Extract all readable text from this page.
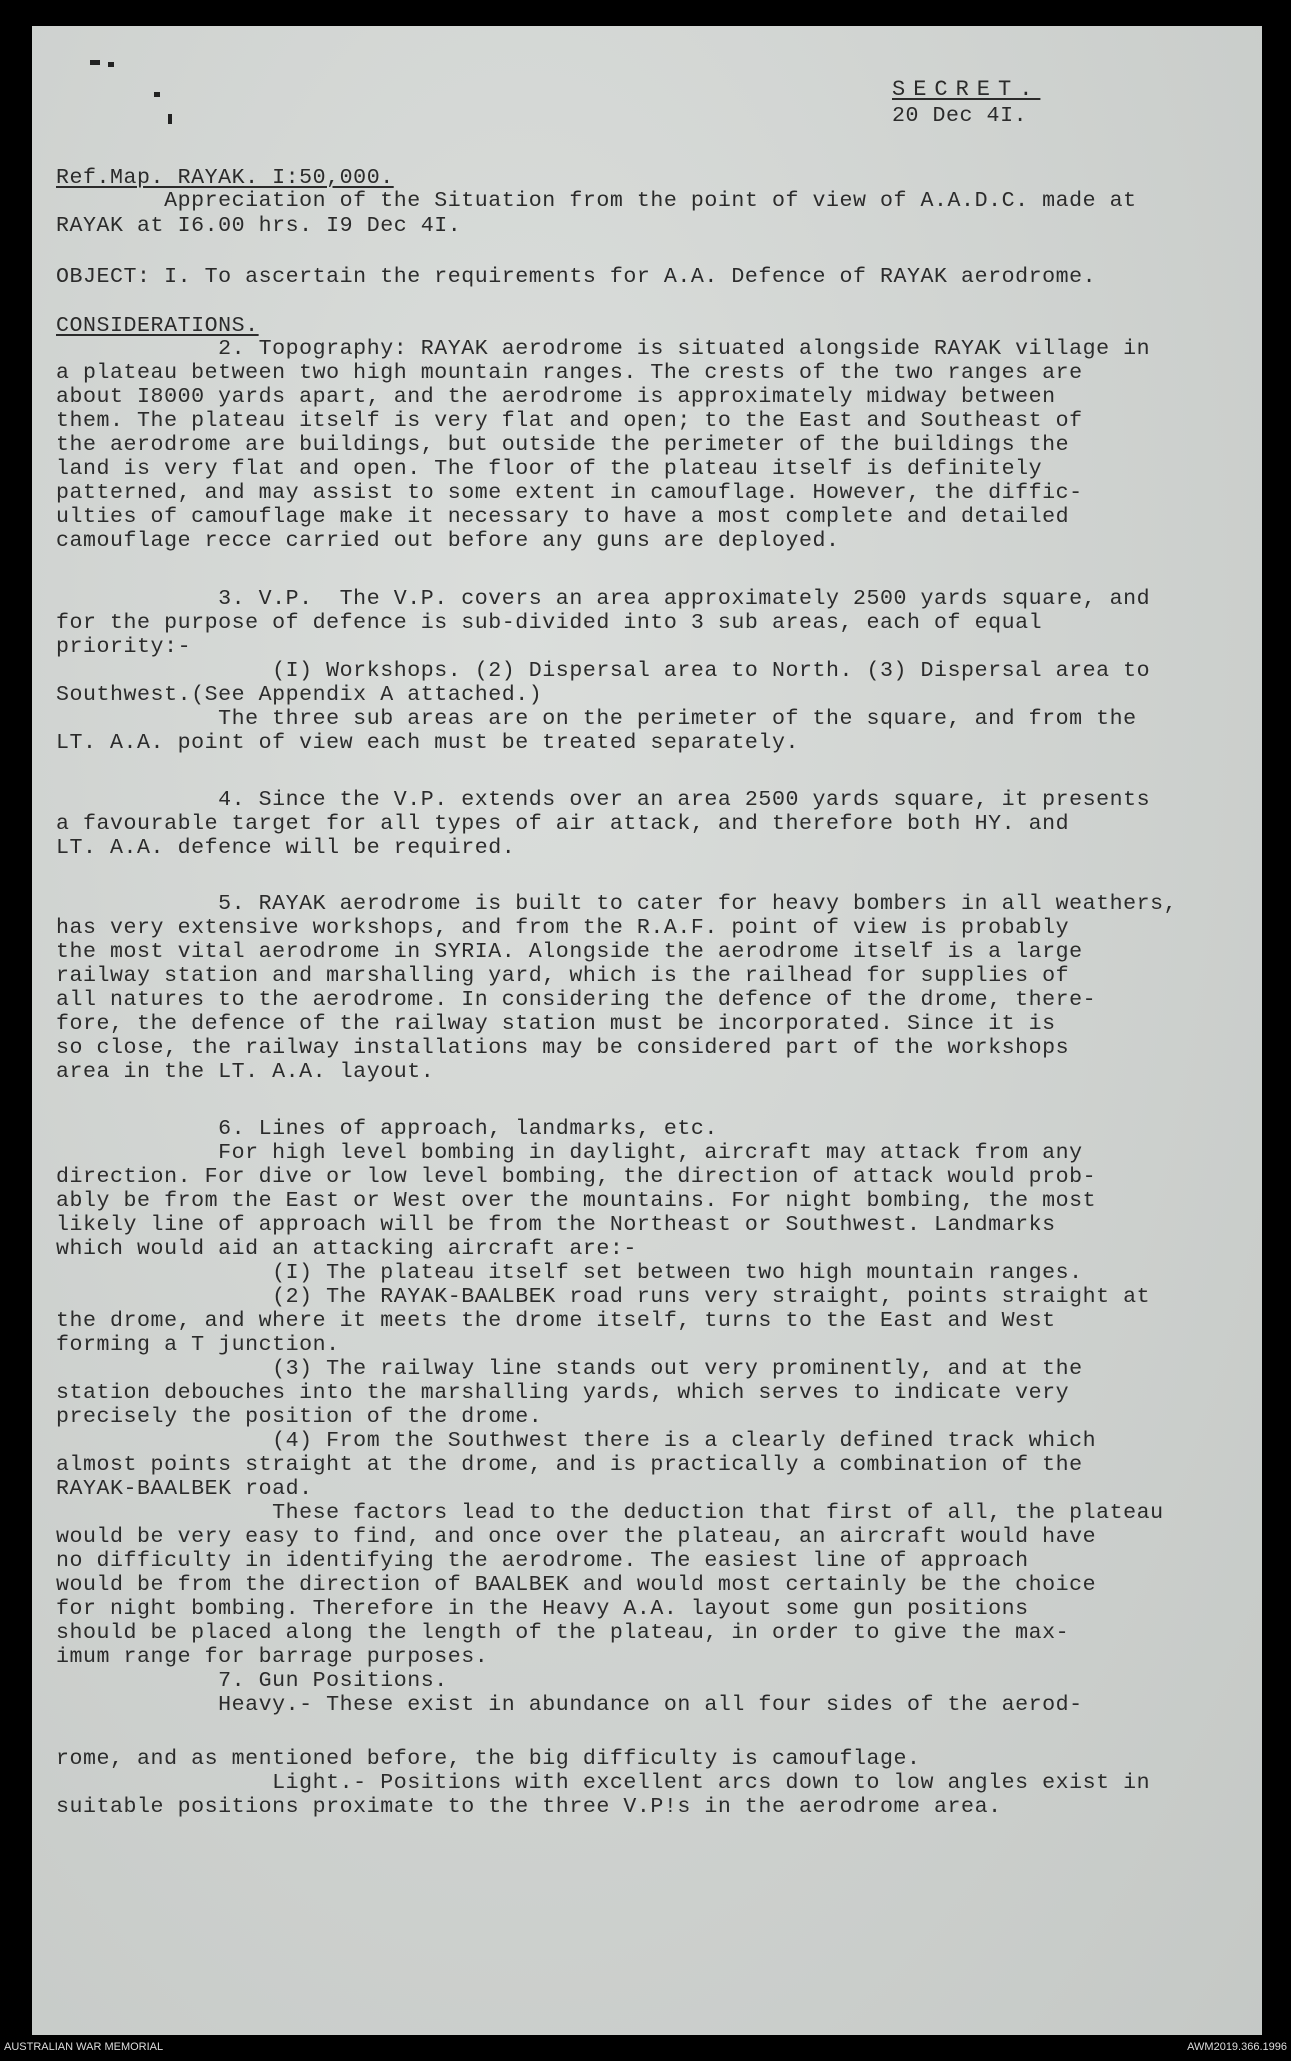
SECRET.
20 Dec 4I.
Ref.Map. RAYAK. I:50,000.
Appreciation of the Situation from the point of view of A.A.D.C. made at
RAYAK at I6.00 hrs. I9 Dec 4I.
OBJECT: I. To ascertain the requirements for A.A. Defence of RAYAK aerodrome.
CONSIDERATIONS.
2. Topography: RAYAK aerodrome is situated alongside RAYAK village in
a plateau between two high mountain ranges. The crests of the two ranges are
about I8000 yards apart, and the aerodrome is approximately midway between
them. The plateau itself is very flat and open; to the East and Southeast of
the aerodrome are buildings, but outside the perimeter of the buildings the
land is very flat and open. The floor of the plateau itself is definitely
patterned, and may assist to some extent in camouflage. However, the diffic-
ulties of camouflage make it necessary to have a most complete and detailed
camouflage recce carried out before any guns are deployed.
3. V.P.  The V.P. covers an area approximately 2500 yards square, and
for the purpose of defence is sub-divided into 3 sub areas, each of equal
priority:-
(I) Workshops. (2) Dispersal area to North. (3) Dispersal area to
Southwest.(See Appendix A attached.)
The three sub areas are on the perimeter of the square, and from the
LT. A.A. point of view each must be treated separately.
4. Since the V.P. extends over an area 2500 yards square, it presents
a favourable target for all types of air attack, and therefore both HY. and
LT. A.A. defence will be required.
5. RAYAK aerodrome is built to cater for heavy bombers in all weathers,
has very extensive workshops, and from the R.A.F. point of view is probably
the most vital aerodrome in SYRIA. Alongside the aerodrome itself is a large
railway station and marshalling yard, which is the railhead for supplies of
all natures to the aerodrome. In considering the defence of the drome, there-
fore, the defence of the railway station must be incorporated. Since it is
so close, the railway installations may be considered part of the workshops
area in the LT. A.A. layout.
6. Lines of approach, landmarks, etc.
For high level bombing in daylight, aircraft may attack from any
direction. For dive or low level bombing, the direction of attack would prob-
ably be from the East or West over the mountains. For night bombing, the most
likely line of approach will be from the Northeast or Southwest. Landmarks
which would aid an attacking aircraft are:-
(I) The plateau itself set between two high mountain ranges.
(2) The RAYAK-BAALBEK road runs very straight, points straight at
the drome, and where it meets the drome itself, turns to the East and West
forming a T junction.
(3) The railway line stands out very prominently, and at the
station debouches into the marshalling yards, which serves to indicate very
precisely the position of the drome.
(4) From the Southwest there is a clearly defined track which
almost points straight at the drome, and is practically a combination of the
RAYAK-BAALBEK road.
These factors lead to the deduction that first of all, the plateau
would be very easy to find, and once over the plateau, an aircraft would have
no difficulty in identifying the aerodrome. The easiest line of approach
would be from the direction of BAALBEK and would most certainly be the choice
for night bombing. Therefore in the Heavy A.A. layout some gun positions
should be placed along the length of the plateau, in order to give the max-
imum range for barrage purposes.
7. Gun Positions.
Heavy.- These exist in abundance on all four sides of the aerod-
rome, and as mentioned before, the big difficulty is camouflage.
Light.- Positions with excellent arcs down to low angles exist in
suitable positions proximate to the three V.P!s in the aerodrome area.
AUSTRALIAN WAR MEMORIAL	AWM2019.366.1996
